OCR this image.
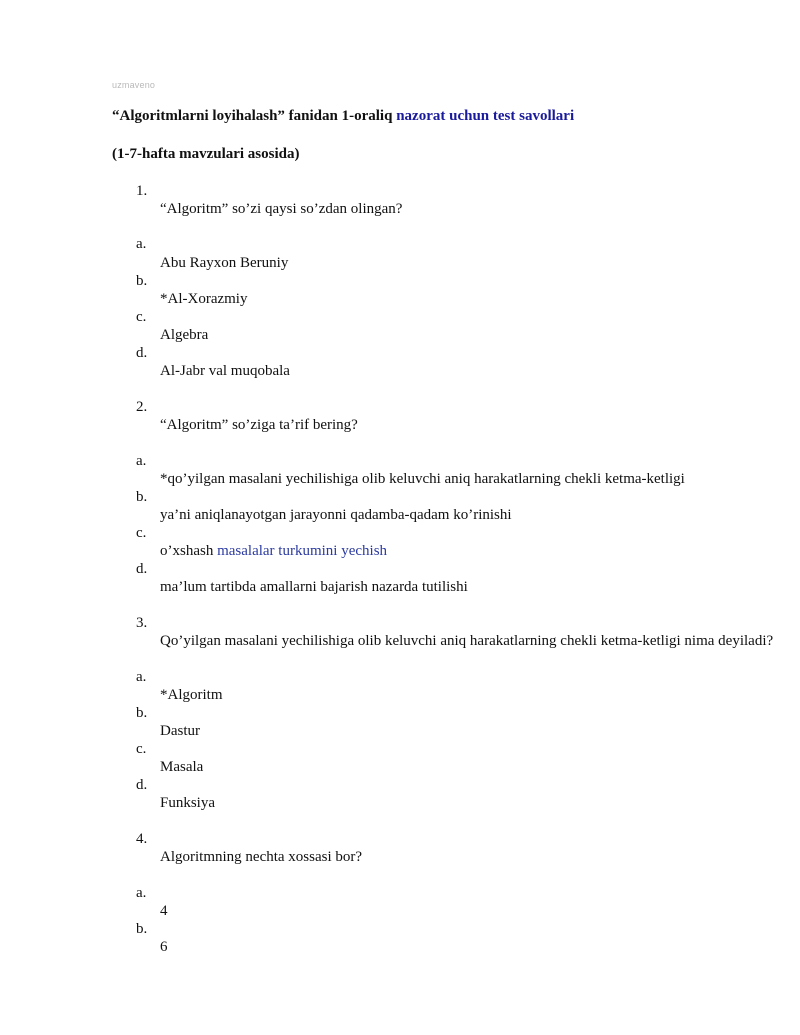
uzmaveno
“Algoritmlarni loyihalash” fanidan 1-oraliq nazorat uchun test savollari
(1-7-hafta mavzulari asosida)
1.
“Algoritm” so’zi qaysi so’zdan olingan?
a.
Abu Rayxon Beruniy
b.
*Al-Xorazmiy
c.
Algebra
d.
Al-Jabr val muqobala
2.
“Algoritm” so’ziga ta’rif bering?
a.
*qo’yilgan masalani yechilishiga olib keluvchi aniq harakatlarning chekli ketma-ketligi
b.
ya’ni aniqlanayotgan jarayonni qadamba-qadam ko’rinishi
c.
o’xshash masalalar turkumini yechish
d.
ma’lum tartibda amallarni bajarish nazarda tutilishi
3.
Qo’yilgan masalani yechilishiga olib keluvchi aniq harakatlarning chekli ketma-ketligi nima deyiladi?
a.
*Algoritm
b.
Dastur
c.
Masala
d.
Funksiya
4.
Algoritmning nechta xossasi bor?
a.
4
b.
6
